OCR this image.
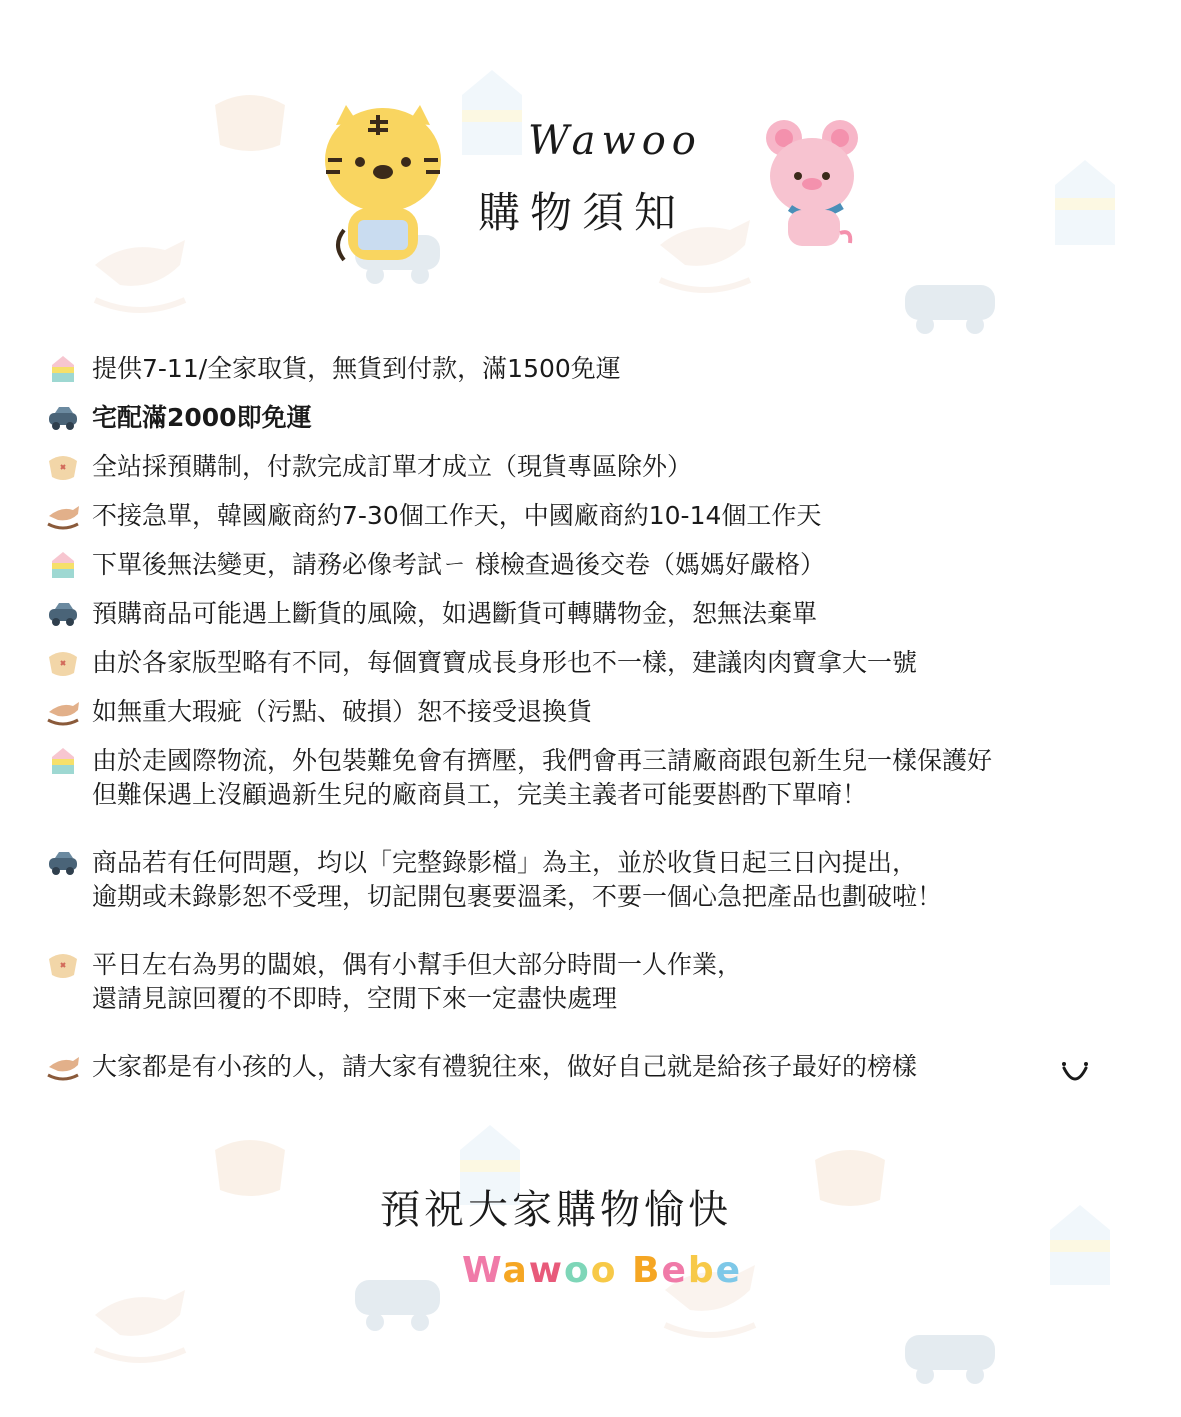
Wawoo
購物須知
提供7-11/全家取貨，無貨到付款，滿1500免運
宅配滿2000即免運
全站採預購制，付款完成訂單才成立（現貨專區除外）
不接急單，韓國廠商約7-30個工作天，中國廠商約10-14個工作天
下單後無法變更，請務必像考試ㄧ 様檢查過後交卷（媽媽好嚴格）
預購商品可能遇上斷貨的風險，如遇斷貨可轉購物金，恕無法棄單
由於各家版型略有不同，每個寶寶成長身形也不一樣，建議肉肉寶拿大一號
如無重大瑕疵（污點、破損）恕不接受退換貨
由於走國際物流，外包裝難免會有擠壓，我們會再三請廠商跟包新生兒一樣保護好
但難保遇上沒顧過新生兒的廠商員工，完美主義者可能要斟酌下單唷！
商品若有任何問題，均以「完整錄影檔」為主，並於收貨日起三日內提出，
逾期或未錄影恕不受理，切記開包裹要溫柔，不要一個心急把產品也劃破啦！
平日左右為男的闆娘，偶有小幫手但大部分時間一人作業，
還請見諒回覆的不即時，空閒下來一定盡快處理
大家都是有小孩的人，請大家有禮貌往來，做好自己就是給孩子最好的榜樣
預祝大家購物愉快
Wawoo Bebe
